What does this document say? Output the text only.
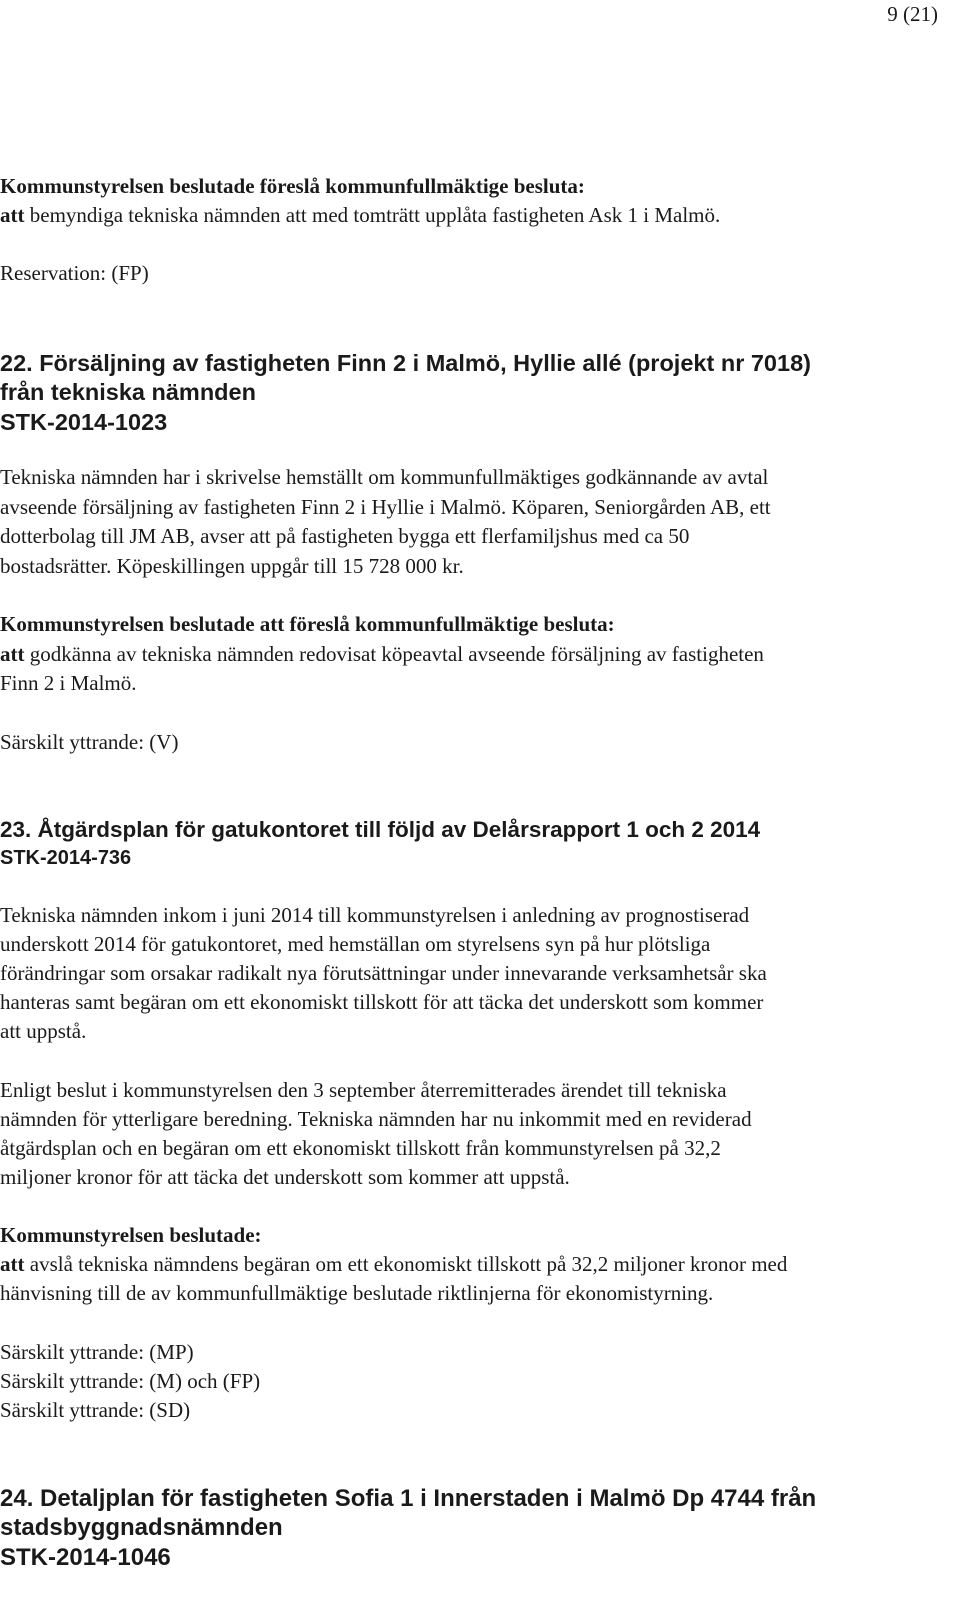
9 (21)
Kommunstyrelsen beslutade föreslå kommunfullmäktige besluta:
att bemyndiga tekniska nämnden att med tomträtt upplåta fastigheten Ask 1 i Malmö.
Reservation: (FP)
22. Försäljning av fastigheten Finn 2 i Malmö, Hyllie allé (projekt nr 7018)
från tekniska nämnden
STK-2014-1023
Tekniska nämnden har i skrivelse hemställt om kommunfullmäktiges godkännande av avtal
avseende försäljning av fastigheten Finn 2 i Hyllie i Malmö. Köparen, Seniorgården AB, ett
dotterbolag till JM AB, avser att på fastigheten bygga ett flerfamiljshus med ca 50
bostadsrätter. Köpeskillingen uppgår till 15 728 000 kr.
Kommunstyrelsen beslutade att föreslå kommunfullmäktige besluta:
att godkänna av tekniska nämnden redovisat köpeavtal avseende försäljning av fastigheten
Finn 2 i Malmö.
Särskilt yttrande: (V)
23. Åtgärdsplan för gatukontoret till följd av Delårsrapport 1 och 2 2014
STK-2014-736
Tekniska nämnden inkom i juni 2014 till kommunstyrelsen i anledning av prognostiserad
underskott 2014 för gatukontoret, med hemställan om styrelsens syn på hur plötsliga
förändringar som orsakar radikalt nya förutsättningar under innevarande verksamhetsår ska
hanteras samt begäran om ett ekonomiskt tillskott för att täcka det underskott som kommer
att uppstå.
Enligt beslut i kommunstyrelsen den 3 september återremitterades ärendet till tekniska
nämnden för ytterligare beredning. Tekniska nämnden har nu inkommit med en reviderad
åtgärdsplan och en begäran om ett ekonomiskt tillskott från kommunstyrelsen på 32,2
miljoner kronor för att täcka det underskott som kommer att uppstå.
Kommunstyrelsen beslutade:
att avslå tekniska nämndens begäran om ett ekonomiskt tillskott på 32,2 miljoner kronor med
hänvisning till de av kommunfullmäktige beslutade riktlinjerna för ekonomistyrning.
Särskilt yttrande: (MP)
Särskilt yttrande: (M) och (FP)
Särskilt yttrande: (SD)
24. Detaljplan för fastigheten Sofia 1 i Innerstaden i Malmö Dp 4744 från
stadsbyggnadsnämnden
STK-2014-1046
